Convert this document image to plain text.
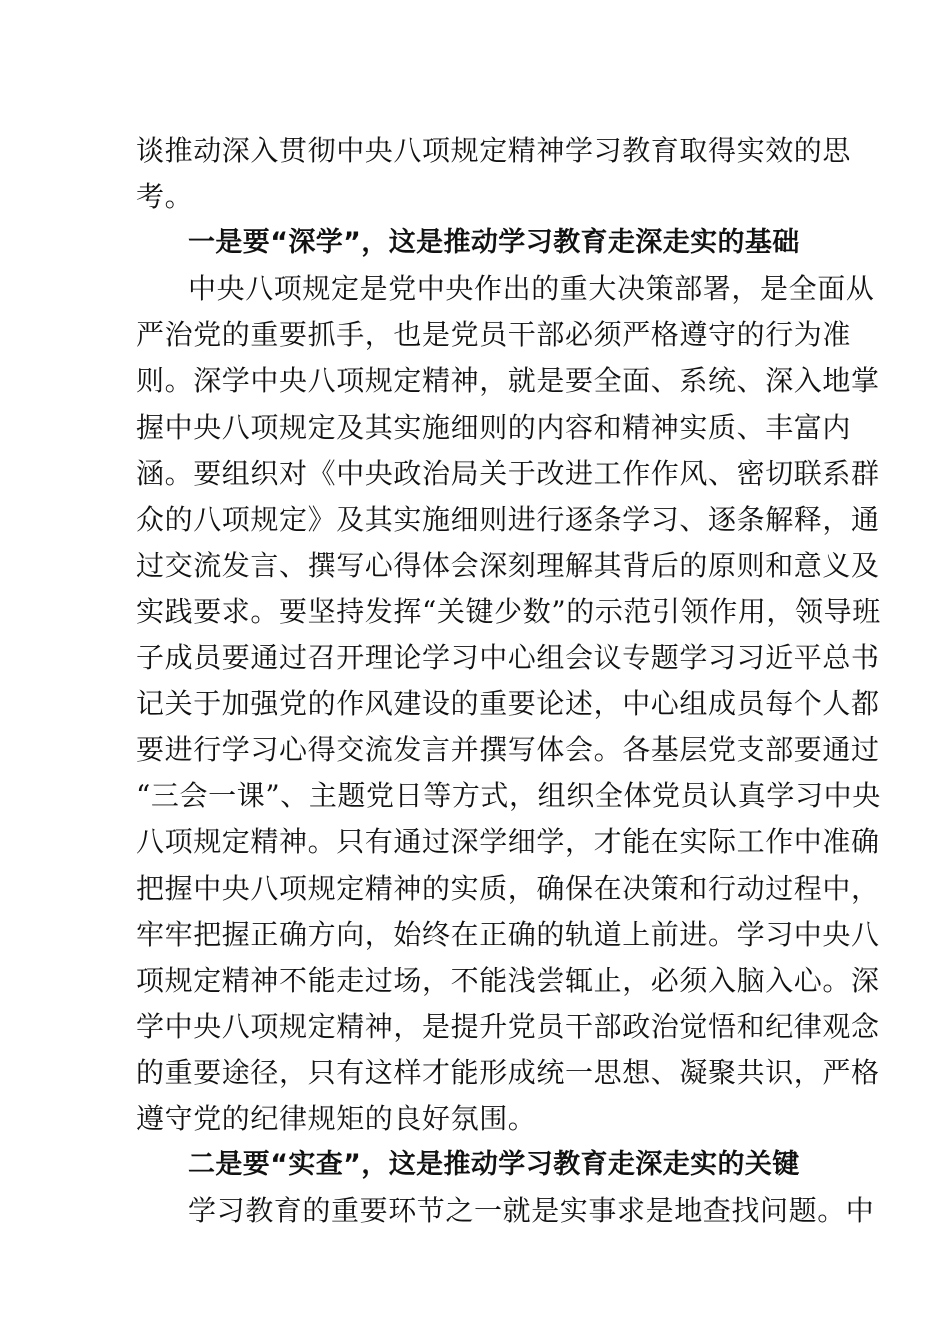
谈推动深入贯彻中央八项规定精神学习教育取得实效的思
考。
一是要“深学”，这是推动学习教育走深走实的基础
中央八项规定是党中央作出的重大决策部署，是全面从
严治党的重要抓手，也是党员干部必须严格遵守的行为准
则。深学中央八项规定精神，就是要全面、系统、深入地掌
握中央八项规定及其实施细则的内容和精神实质、丰富内
涵。要组织对《中央政治局关于改进工作作风、密切联系群
众的八项规定》及其实施细则进行逐条学习、逐条解释，通
过交流发言、撰写心得体会深刻理解其背后的原则和意义及
实践要求。要坚持发挥“关键少数”的示范引领作用，领导班
子成员要通过召开理论学习中心组会议专题学习习近平总书
记关于加强党的作风建设的重要论述，中心组成员每个人都
要进行学习心得交流发言并撰写体会。各基层党支部要通过
“三会一课”、主题党日等方式，组织全体党员认真学习中央
八项规定精神。只有通过深学细学，才能在实际工作中准确
把握中央八项规定精神的实质，确保在决策和行动过程中，
牢牢把握正确方向，始终在正确的轨道上前进。学习中央八
项规定精神不能走过场，不能浅尝辄止，必须入脑入心。深
学中央八项规定精神，是提升党员干部政治觉悟和纪律观念
的重要途径，只有这样才能形成统一思想、凝聚共识，严格
遵守党的纪律规矩的良好氛围。
二是要“实查”，这是推动学习教育走深走实的关键
学习教育的重要环节之一就是实事求是地查找问题。中
